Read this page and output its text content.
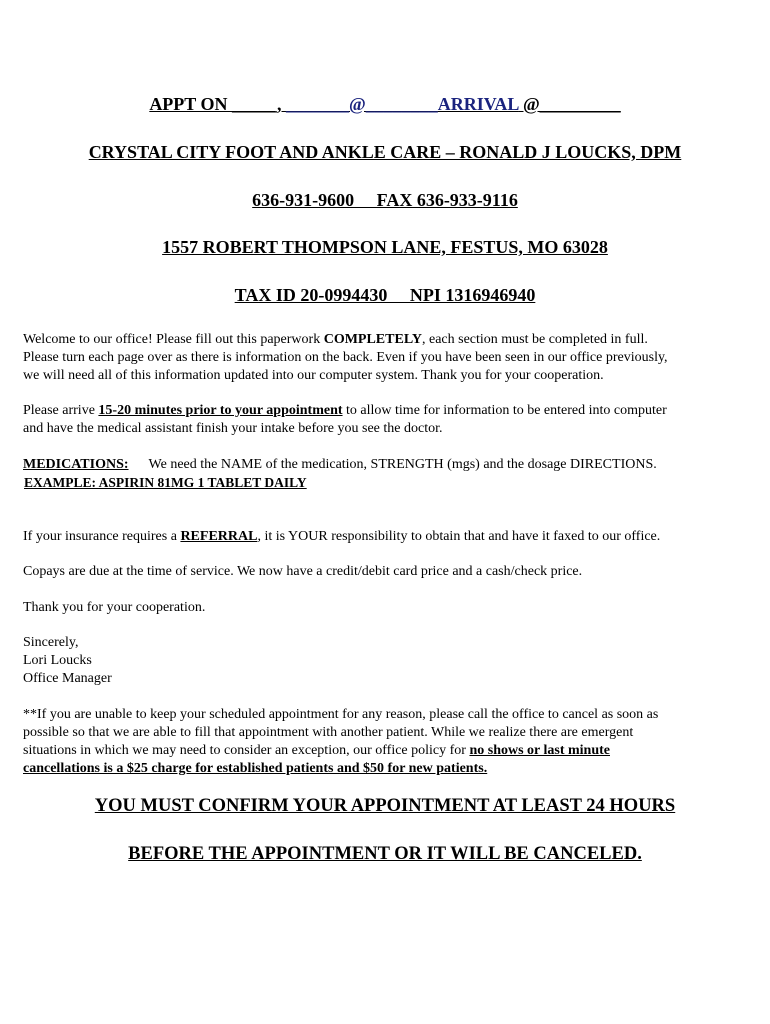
APPT ON _____, _______@________ARRIVAL @_________
CRYSTAL CITY FOOT AND ANKLE CARE – RONALD J LOUCKS, DPM
636-931-9600     FAX 636-933-9116
1557 ROBERT THOMPSON LANE, FESTUS, MO 63028
TAX ID 20-0994430     NPI 1316946940
Welcome to our office! Please fill out this paperwork COMPLETELY, each section must be completed in full.
Please turn each page over as there is information on the back. Even if you have been seen in our office previously,
we will need all of this information updated into our computer system. Thank you for your cooperation.
Please arrive 15-20 minutes prior to your appointment to allow time for information to be entered into computer
and have the medical assistant finish your intake before you see the doctor.
MEDICATIONS: We need the NAME of the medication, STRENGTH (mgs) and the dosage DIRECTIONS.
EXAMPLE: ASPIRIN 81MG 1 TABLET DAILY
If your insurance requires a REFERRAL, it is YOUR responsibility to obtain that and have it faxed to our office.
Copays are due at the time of service. We now have a credit/debit card price and a cash/check price.
Thank you for your cooperation.
Sincerely,
Lori Loucks
Office Manager
**If you are unable to keep your scheduled appointment for any reason, please call the office to cancel as soon as
possible so that we are able to fill that appointment with another patient. While we realize there are emergent
situations in which we may need to consider an exception, our office policy for no shows or last minute
cancellations is a $25 charge for established patients and $50 for new patients.
YOU MUST CONFIRM YOUR APPOINTMENT AT LEAST 24 HOURS
BEFORE THE APPOINTMENT OR IT WILL BE CANCELED.
